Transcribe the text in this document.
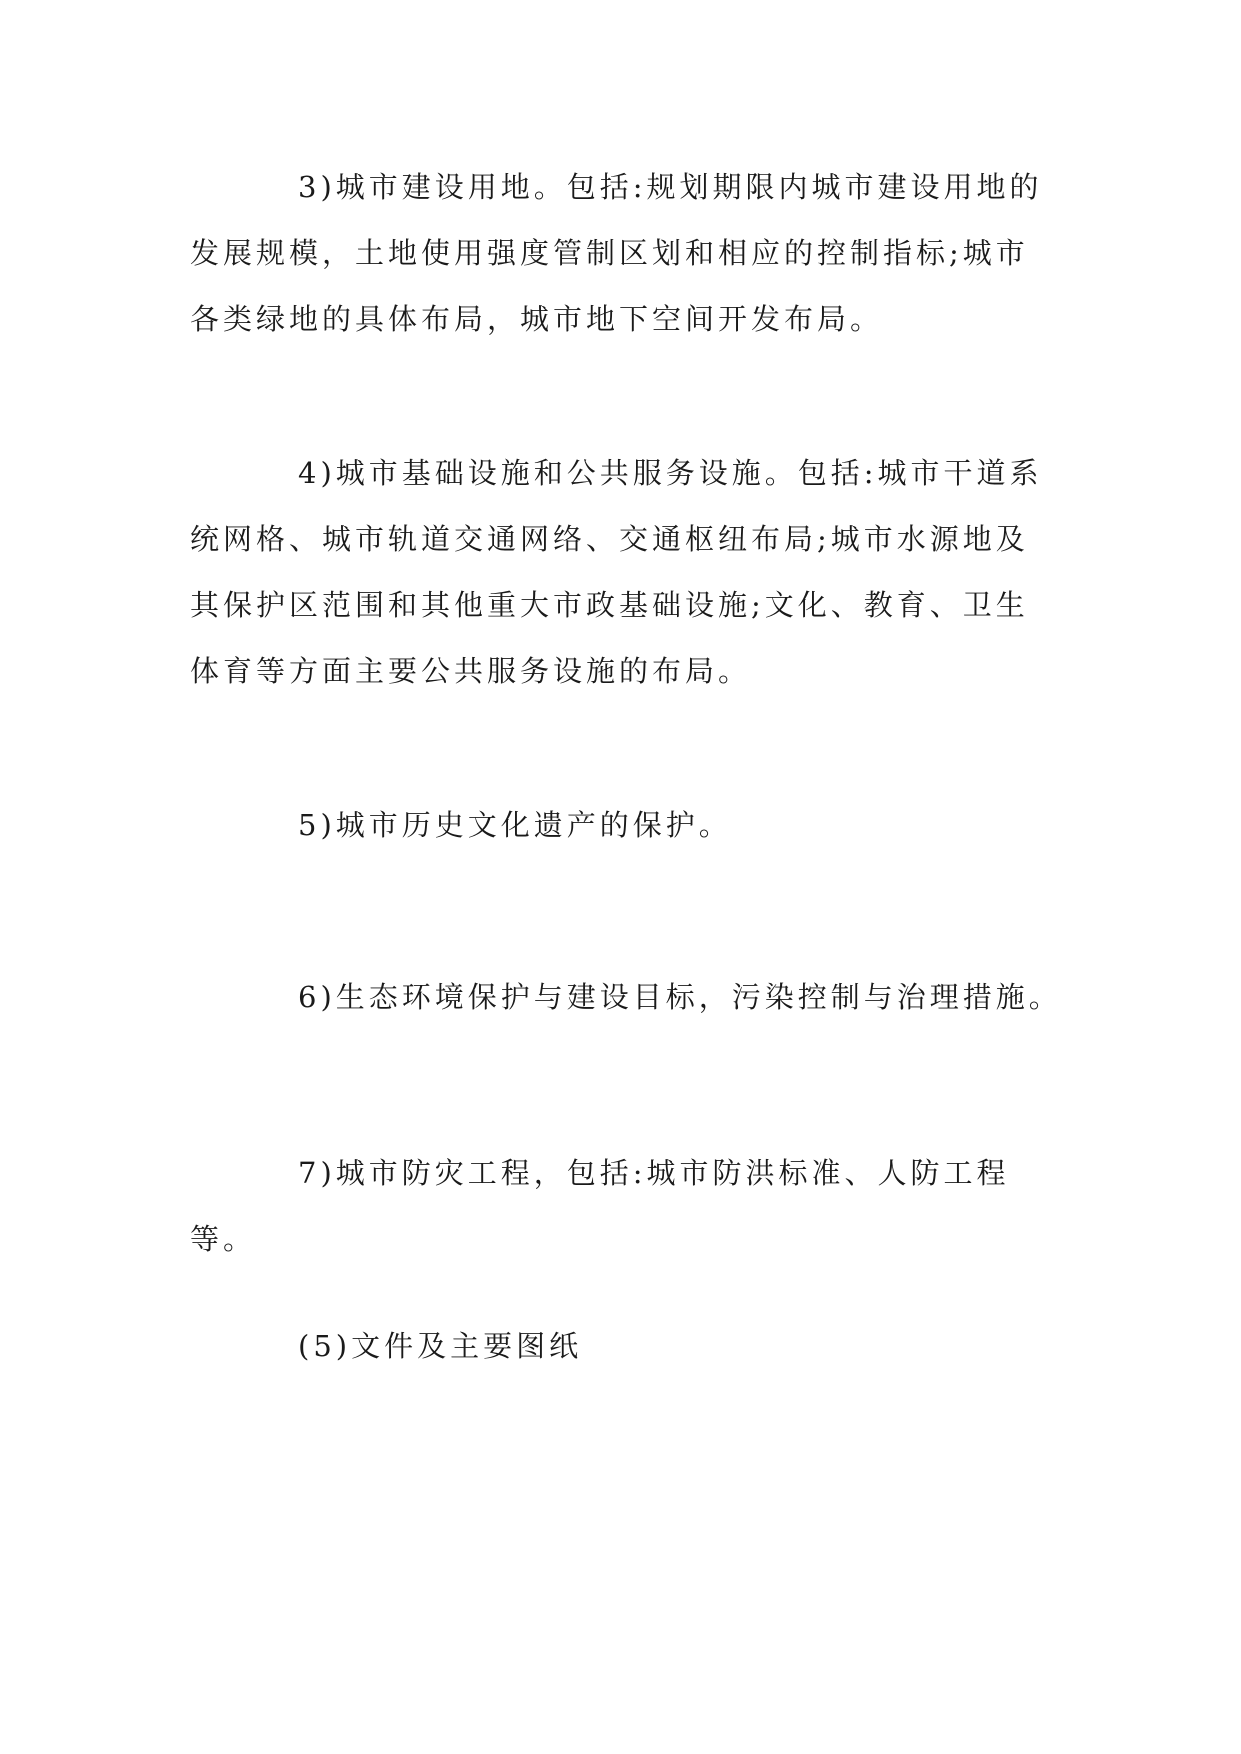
3)城市建设用地。包括:规划期限内城市建设用地的发展规模，土地使用强度管制区划和相应的控制指标;城市各类绿地的具体布局，城市地下空间开发布局。

4)城市基础设施和公共服务设施。包括:城市干道系统网格、城市轨道交通网络、交通枢纽布局;城市水源地及其保护区范围和其他重大市政基础设施;文化、教育、卫生体育等方面主要公共服务设施的布局。

5)城市历史文化遗产的保护。

6)生态环境保护与建设目标，污染控制与治理措施。

7)城市防灾工程，包括:城市防洪标准、人防工程等。

(5)文件及主要图纸
